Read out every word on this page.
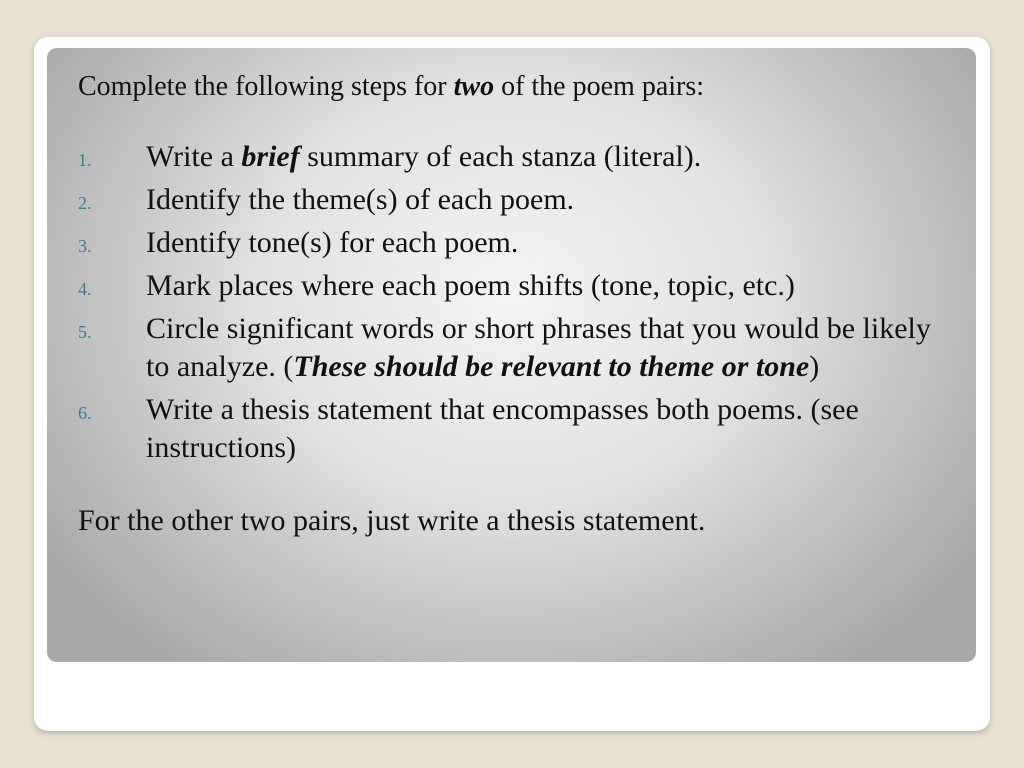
Complete the following steps for two of the poem pairs:

1. Write a brief summary of each stanza (literal).
2. Identify the theme(s) of each poem.
3. Identify tone(s) for each poem.
4. Mark places where each poem shifts (tone, topic, etc.)
5. Circle significant words or short phrases that you would be likely to analyze. (These should be relevant to theme or tone)
6. Write a thesis statement that encompasses both poems. (see instructions)

For the other two pairs, just write a thesis statement.
